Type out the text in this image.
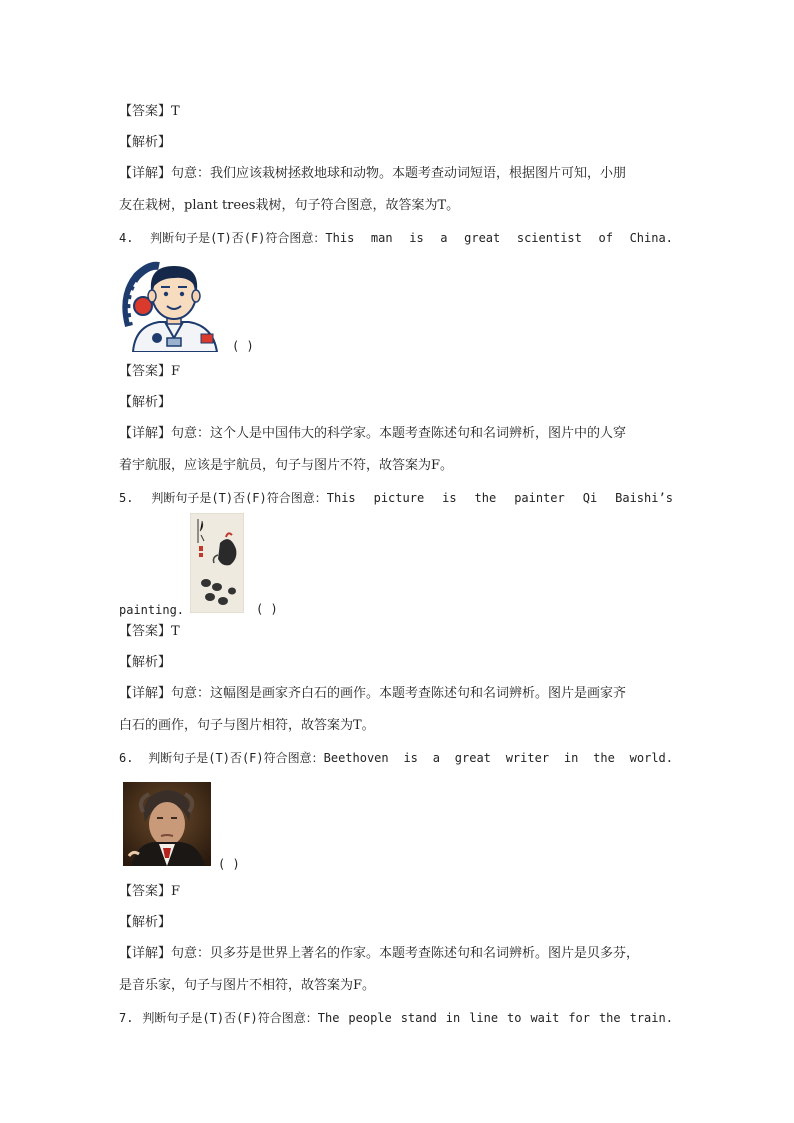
【答案】T
【解析】
【详解】句意：我们应该栽树拯救地球和动物。本题考查动词短语，根据图片可知，小朋
友在栽树，plant trees栽树，句子符合图意，故答案为T。
4. 判断句子是(T)否(F)符合图意：This man is a great scientist of China.
( )
【答案】F
【解析】
【详解】句意：这个人是中国伟大的科学家。本题考查陈述句和名词辨析，图片中的人穿
着宇航服，应该是宇航员，句子与图片不符，故答案为F。
5. 判断句子是(T)否(F)符合图意：This picture is the painter Qi Baishi’s
painting.	( )
【答案】T
【解析】
【详解】句意：这幅图是画家齐白石的画作。本题考查陈述句和名词辨析。图片是画家齐
白石的画作，句子与图片相符，故答案为T。
6. 判断句子是(T)否(F)符合图意：Beethoven is a great writer in the world.
( )
【答案】F
【解析】
【详解】句意：贝多芬是世界上著名的作家。本题考查陈述句和名词辨析。图片是贝多芬，
是音乐家，句子与图片不相符，故答案为F。
7. 判断句子是(T)否(F)符合图意：The people stand in line to wait for the train.
